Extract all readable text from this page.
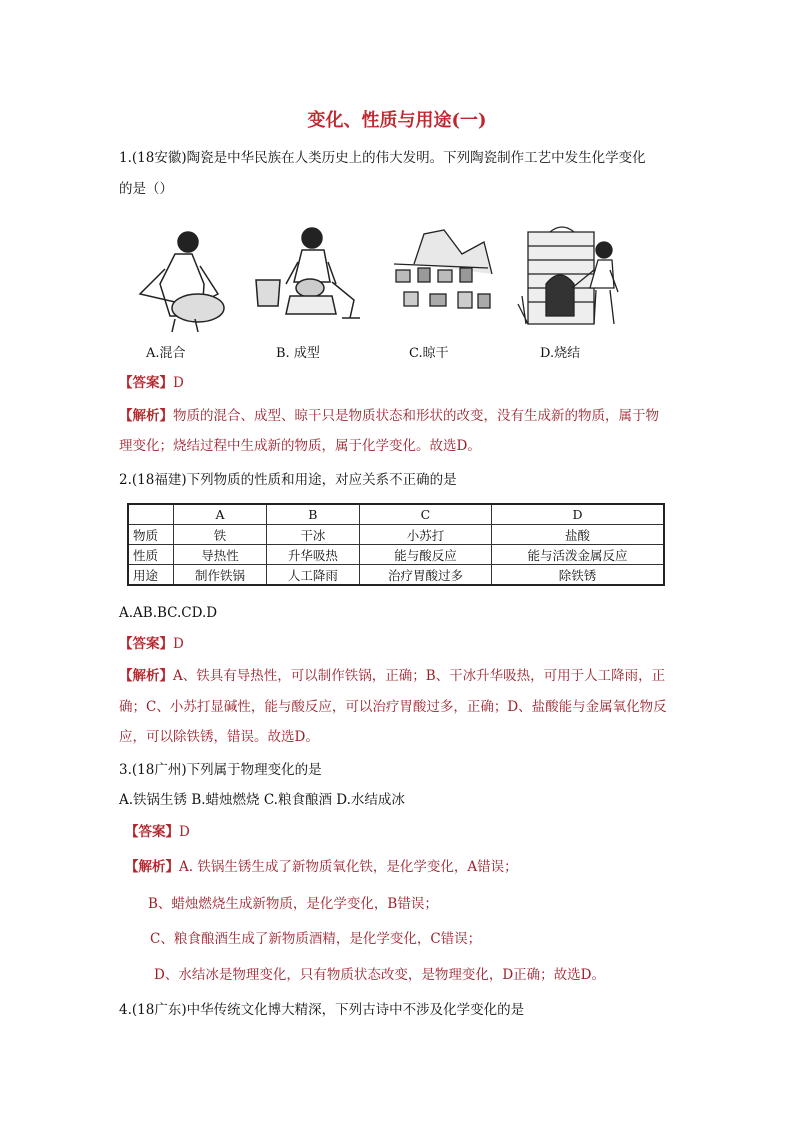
变化、性质与用途(一)
1.(18安徽)陶瓷是中华民族在人类历史上的伟大发明。下列陶瓷制作工艺中发生化学变化
的是（）
A.混合	B. 成型	C.晾干	D.烧结
【答案】D
【解析】物质的混合、成型、晾干只是物质状态和形状的改变，没有生成新的物质，属于物
理变化；烧结过程中生成新的物质，属于化学变化。故选D。
2.(18福建)下列物质的性质和用途，对应关系不正确的是
	A	B	C	D
物质	铁	干冰	小苏打	盐酸
性质	导热性	升华吸热	能与酸反应	能与活泼金属反应
用途	制作铁锅	人工降雨	治疗胃酸过多	除铁锈
A.AB.BC.CD.D
【答案】D
【解析】A、铁具有导热性，可以制作铁锅，正确；B、干冰升华吸热，可用于人工降雨，正
确；C、小苏打显碱性，能与酸反应，可以治疗胃酸过多，正确；D、盐酸能与金属氧化物反
应，可以除铁锈，错误。故选D。
3.(18广州)下列属于物理变化的是
A.铁锅生锈 B.蜡烛燃烧 C.粮食酿酒 D.水结成冰
【答案】D
【解析】A. 铁锅生锈生成了新物质氧化铁，是化学变化，A错误；
B、蜡烛燃烧生成新物质，是化学变化，B错误；
C、粮食酿酒生成了新物质酒精，是化学变化，C错误；
D、水结冰是物理变化，只有物质状态改变，是物理变化，D正确；故选D。
4.(18广东)中华传统文化博大精深，下列古诗中不涉及化学变化的是
